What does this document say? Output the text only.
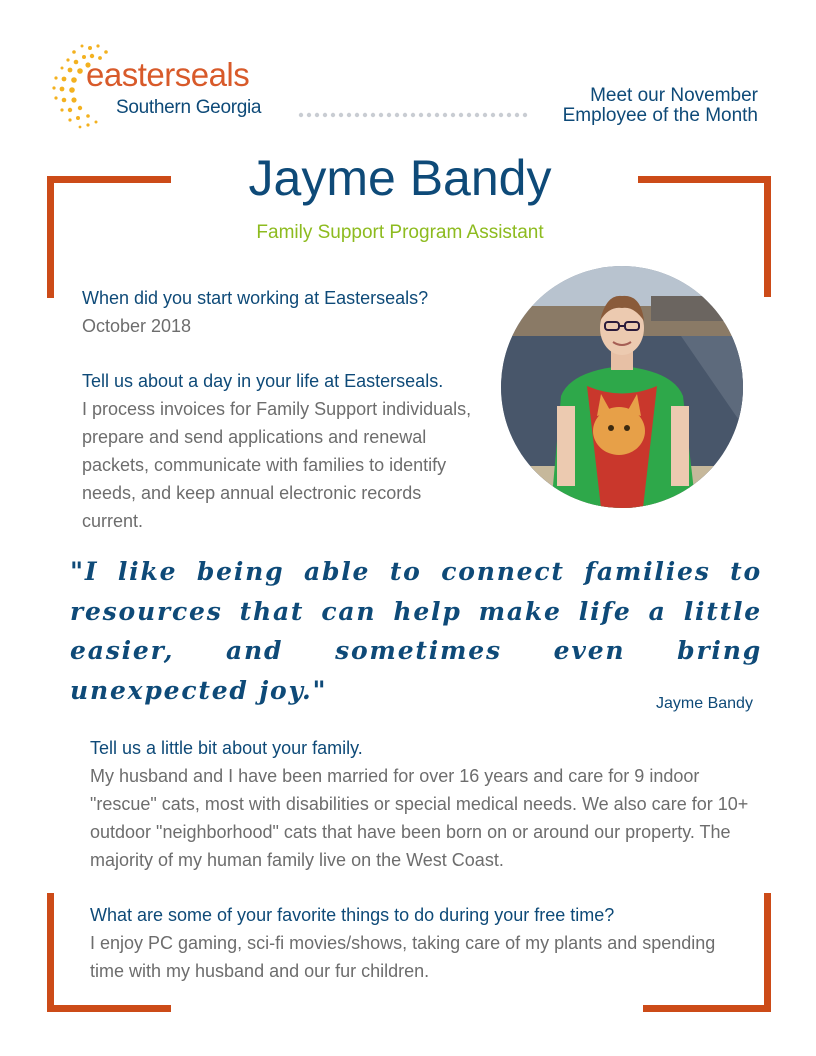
easterseals
Southern Georgia
Meet our November
Employee of the Month
Jayme Bandy
Family Support Program Assistant
When did you start working at Easterseals?
October 2018
Tell us about a day in your life at Easterseals.
I process invoices for Family Support individuals, prepare and send applications and renewal packets, communicate with families to identify needs, and keep annual electronic records current.
"I like being able to connect families to resources that can help make life a little easier, and sometimes even bring unexpected joy."	Jayme Bandy
Tell us a little bit about your family.
My husband and I have been married for over 16 years and care for 9 indoor "rescue" cats, most with disabilities or special medical needs. We also care for 10+ outdoor "neighborhood" cats that have been born on or around our property. The majority of my human family live on the West Coast.
What are some of your favorite things to do during your free time?
I enjoy PC gaming, sci-fi movies/shows, taking care of my plants and spending time with my husband and our fur children.
